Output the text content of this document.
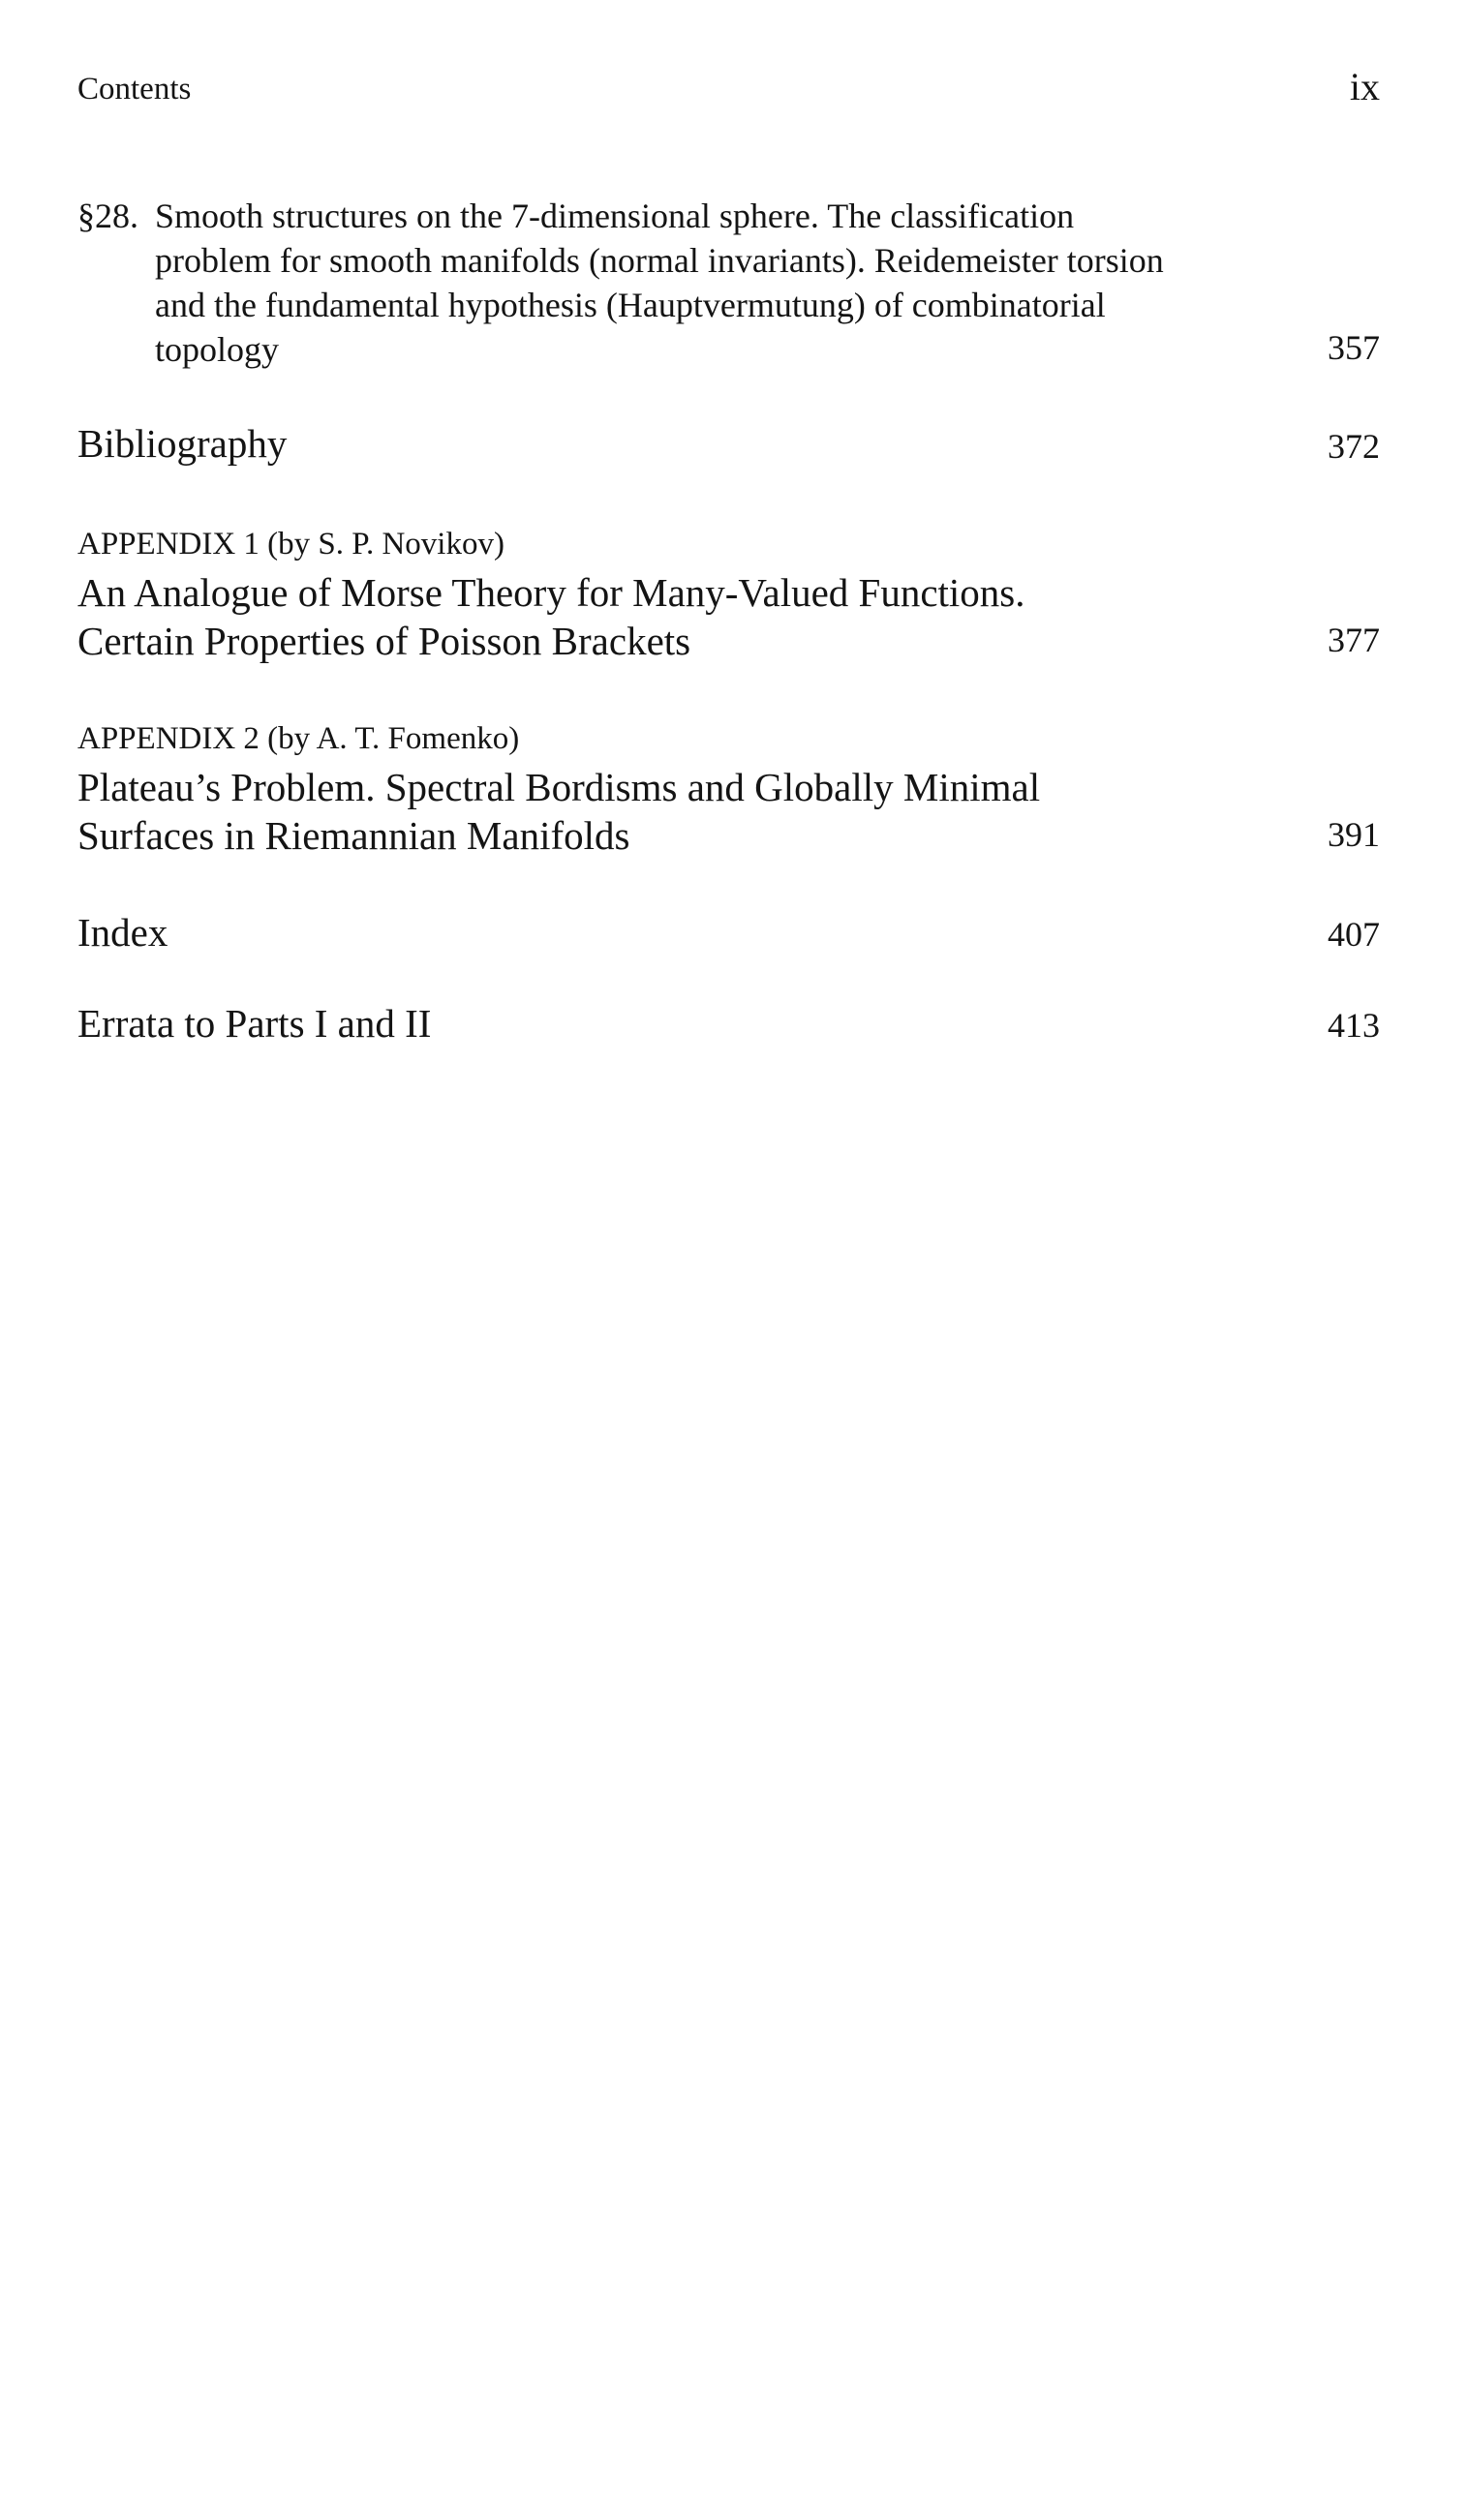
Contents	ix
§28. Smooth structures on the 7-dimensional sphere. The classification
problem for smooth manifolds (normal invariants). Reidemeister torsion
and the fundamental hypothesis (Hauptvermutung) of combinatorial
topology	357
Bibliography	372
APPENDIX 1 (by S. P. Novikov)
An Analogue of Morse Theory for Many-Valued Functions.
Certain Properties of Poisson Brackets	377
APPENDIX 2 (by A. T. Fomenko)
Plateau’s Problem. Spectral Bordisms and Globally Minimal
Surfaces in Riemannian Manifolds	391
Index	407
Errata to Parts I and II	413
